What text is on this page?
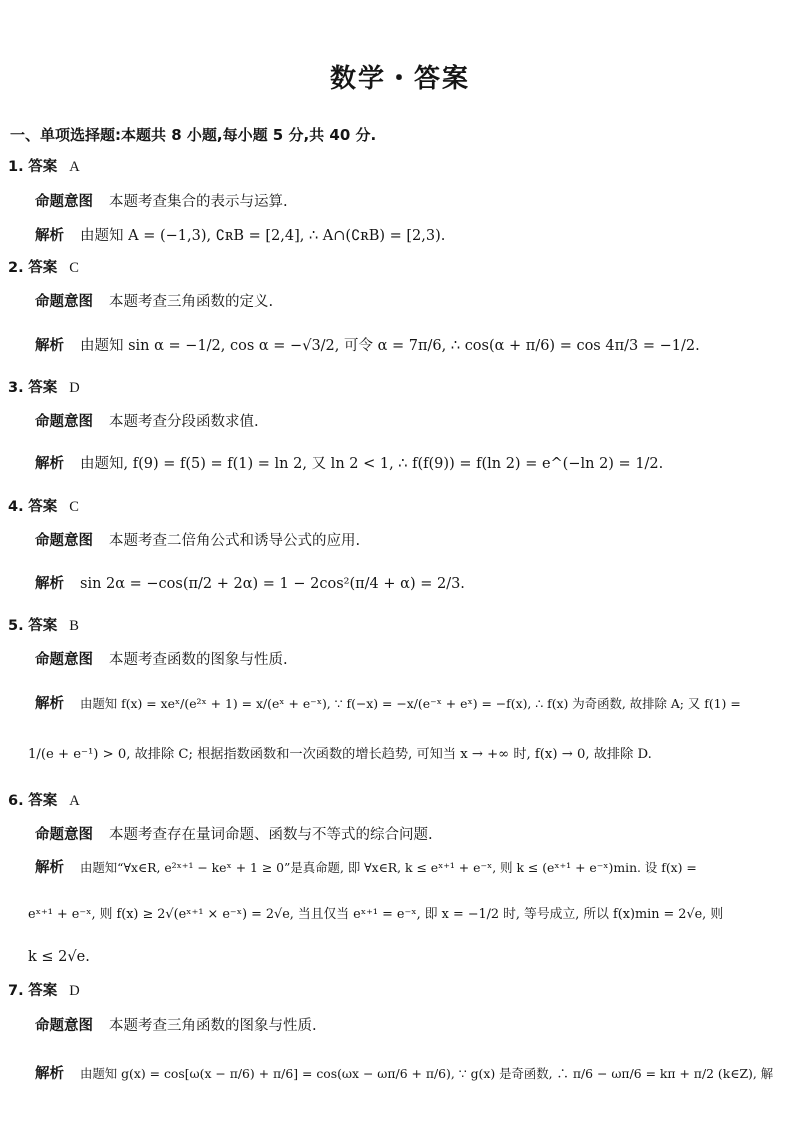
数学・答案
一、单项选择题:本题共 8 小题,每小题 5 分,共 40 分.
1. 答案 A
命题意图 本题考查集合的表示与运算.
解析 由题知 A = (−1,3), ∁ʀB = [2,4], ∴ A∩(∁ʀB) = [2,3).
2. 答案 C
命题意图 本题考查三角函数的定义.
解析 由题知 sin α = −1/2, cos α = −√3/2, 可令 α = 7π/6, ∴ cos(α + π/6) = cos 4π/3 = −1/2.
3. 答案 D
命题意图 本题考查分段函数求值.
解析 由题知, f(9) = f(5) = f(1) = ln 2, 又 ln 2 < 1, ∴ f(f(9)) = f(ln 2) = e^(−ln 2) = 1/2.
4. 答案 C
命题意图 本题考查二倍角公式和诱导公式的应用.
解析 sin 2α = −cos(π/2 + 2α) = 1 − 2cos²(π/4 + α) = 2/3.
5. 答案 B
命题意图 本题考查函数的图象与性质.
解析 由题知 f(x) = xeˣ/(e²ˣ + 1) = x/(eˣ + e⁻ˣ), ∵ f(−x) = −x/(e⁻ˣ + eˣ) = −f(x), ∴ f(x) 为奇函数, 故排除 A; 又 f(1) =
1/(e + e⁻¹) > 0, 故排除 C; 根据指数函数和一次函数的增长趋势, 可知当 x → +∞ 时, f(x) → 0, 故排除 D.
6. 答案 A
命题意图 本题考查存在量词命题、函数与不等式的综合问题.
解析 由题知“∀x∈R, e²ˣ⁺¹ − keˣ + 1 ≥ 0”是真命题, 即 ∀x∈R, k ≤ eˣ⁺¹ + e⁻ˣ, 则 k ≤ (eˣ⁺¹ + e⁻ˣ)min. 设 f(x) =
eˣ⁺¹ + e⁻ˣ, 则 f(x) ≥ 2√(eˣ⁺¹ × e⁻ˣ) = 2√e, 当且仅当 eˣ⁺¹ = e⁻ˣ, 即 x = −1/2 时, 等号成立, 所以 f(x)min = 2√e, 则
k ≤ 2√e.
7. 答案 D
命题意图 本题考查三角函数的图象与性质.
解析 由题知 g(x) = cos[ω(x − π/6) + π/6] = cos(ωx − ωπ/6 + π/6), ∵ g(x) 是奇函数, ∴ π/6 − ωπ/6 = kπ + π/2 (k∈Z), 解
